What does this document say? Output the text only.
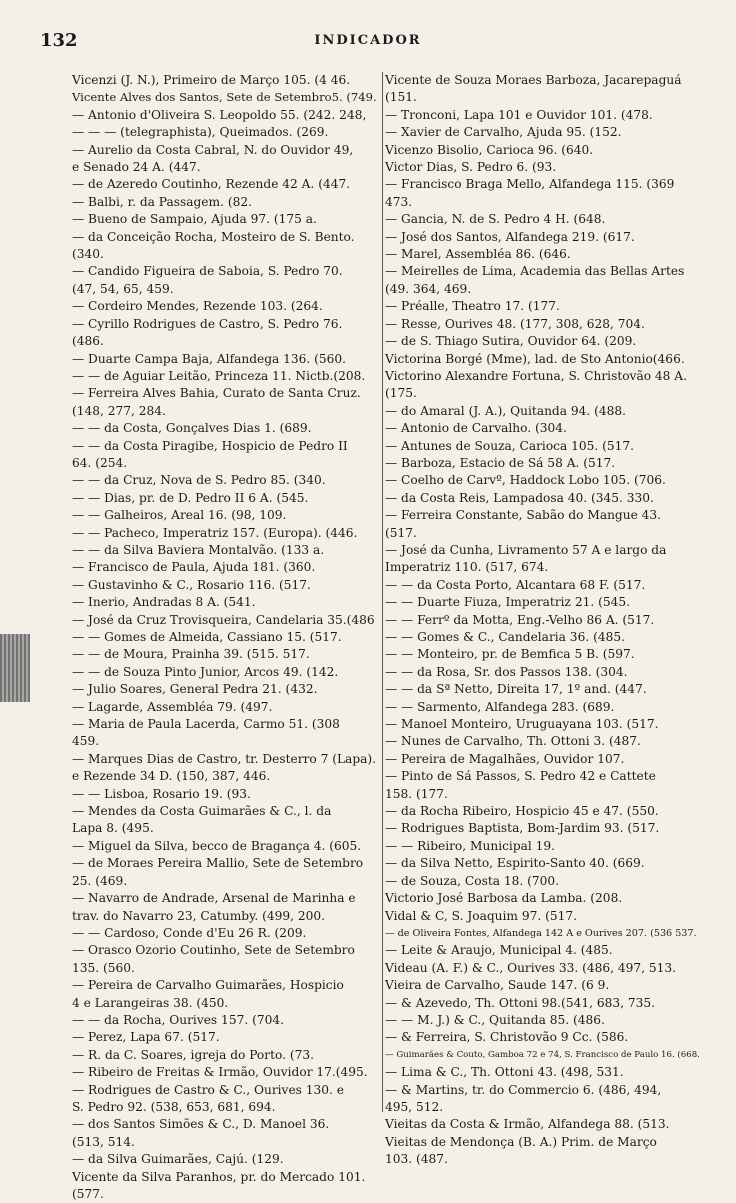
132	INDICADOR
Vicenzi (J. N.), Primeiro de Março 105. (4 46.
Vicente Alves dos Santos, Sete de Setembro5. (749.
— Antonio d'Oliveira S. Leopoldo 55. (242. 248,
— — — (telegraphista), Queimados. (269.
— Aurelio da Costa Cabral, N. do Ouvidor 49,
e Senado 24 A. (447.
— de Azeredo Coutinho, Rezende 42 A. (447.
— Balbi, r. da Passagem. (82.
— Bueno de Sampaio, Ajuda 97. (175 a.
— da Conceição Rocha, Mosteiro de S. Bento.
(340.
— Candido Figueira de Saboia, S. Pedro 70.
(47, 54, 65, 459.
— Cordeiro Mendes, Rezende 103. (264.
— Cyrillo Rodrigues de Castro, S. Pedro 76.
(486.
— Duarte Campa Baja, Alfandega 136. (560.
— — de Aguiar Leitão, Princeza 11. Nictb.(208.
— Ferreira Alves Bahia, Curato de Santa Cruz.
(148, 277, 284.
— — da Costa, Gonçalves Dias 1. (689.
— — da Costa Piragibe, Hospicio de Pedro II
64. (254.
— — da Cruz, Nova de S. Pedro 85. (340.
— — Dias, pr. de D. Pedro II 6 A. (545.
— — Galheiros, Areal 16. (98, 109.
— — Pacheco, Imperatriz 157. (Europa). (446.
— — da Silva Baviera Montalvão. (133 a.
— Francisco de Paula, Ajuda 181. (360.
— Gustavinho & C., Rosario 116. (517.
— Inerio, Andradas 8 A. (541.
— José da Cruz Trovisqueira, Candelaria 35.(486
— — Gomes de Almeida, Cassiano 15. (517.
— — de Moura, Prainha 39. (515. 517.
— — de Souza Pinto Junior, Arcos 49. (142.
— Julio Soares, General Pedra 21. (432.
— Lagarde, Assembléa 79. (497.
— Maria de Paula Lacerda, Carmo 51. (308
459.
— Marques Dias de Castro, tr. Desterro 7 (Lapa).
e Rezende 34 D. (150, 387, 446.
— — Lisboa, Rosario 19. (93.
— Mendes da Costa Guimarães & C., l. da
Lapa 8. (495.
— Miguel da Silva, becco de Bragança 4. (605.
— de Moraes Pereira Mallio, Sete de Setembro
25. (469.
— Navarro de Andrade, Arsenal de Marinha e
trav. do Navarro 23, Catumby. (499, 200.
— — Cardoso, Conde d'Eu 26 R. (209.
— Orasco Ozorio Coutinho, Sete de Setembro
135. (560.
— Pereira de Carvalho Guimarães, Hospicio
4 e Larangeiras 38. (450.
— — da Rocha, Ourives 157. (704.
— Perez, Lapa 67. (517.
— R. da C. Soares, igreja do Porto. (73.
— Ribeiro de Freitas & Irmão, Ouvidor 17.(495.
— Rodrigues de Castro & C., Ourives 130. e
S. Pedro 92. (538, 653, 681, 694.
— dos Santos Simões & C., D. Manoel 36.
(513, 514.
— da Silva Guimarães, Cajú. (129.
Vicente da Silva Paranhos, pr. do Mercado 101.
(577.
Vicente de Souza Moraes Barboza, Jacarepaguá
(151.
— Tronconi, Lapa 101 e Ouvidor 101. (478.
— Xavier de Carvalho, Ajuda 95. (152.
Vicenzo Bisolio, Carioca 96. (640.
Victor Dias, S. Pedro 6. (93.
— Francisco Braga Mello, Alfandega 115. (369
473.
— Gancia, N. de S. Pedro 4 H. (648.
— José dos Santos, Alfandega 219. (617.
— Marel, Assembléa 86. (646.
— Meirelles de Lima, Academia das Bellas Artes
(49. 364, 469.
— Préalle, Theatro 17. (177.
— Resse, Ourives 48. (177, 308, 628, 704.
— de S. Thiago Sutira, Ouvidor 64. (209.
Victorina Borgé (Mme), lad. de Sto Antonio(466.
Victorino Alexandre Fortuna, S. Christovão 48 A.
(175.
— do Amaral (J. A.), Quitanda 94. (488.
— Antonio de Carvalho. (304.
— Antunes de Souza, Carioca 105. (517.
— Barboza, Estacio de Sá 58 A. (517.
— Coelho de Carvº, Haddock Lobo 105. (706.
— da Costa Reis, Lampadosa 40. (345. 330.
— Ferreira Constante, Sabão do Mangue 43.
(517.
— José da Cunha, Livramento 57 A e largo da
Imperatriz 110. (517, 674.
— — da Costa Porto, Alcantara 68 F. (517.
— — Duarte Fiuza, Imperatriz 21. (545.
— — Ferrº da Motta, Eng.-Velho 86 A. (517.
— — Gomes & C., Candelaria 36. (485.
— — Monteiro, pr. de Bemfica 5 B. (597.
— — da Rosa, Sr. dos Passos 138. (304.
— — da Sª Netto, Direita 17, 1º and. (447.
— — Sarmento, Alfandega 283. (689.
— Manoel Monteiro, Uruguayana 103. (517.
— Nunes de Carvalho, Th. Ottoni 3. (487.
— Pereira de Magalhães, Ouvidor 107.
— Pinto de Sá Passos, S. Pedro 42 e Cattete
158. (177.
— da Rocha Ribeiro, Hospicio 45 e 47. (550.
— Rodrigues Baptista, Bom-Jardim 93. (517.
— — Ribeiro, Municipal 19.
— da Silva Netto, Espirito-Santo 40. (669.
— de Souza, Costa 18. (700.
Victorio José Barbosa da Lamba. (208.
Vidal & C, S. Joaquim 97. (517.
— de Oliveira Fontes, Alfandega 142 A e Ourives 207. (536 537.
— Leite & Araujo, Municipal 4. (485.
Videau (A. F.) & C., Ourives 33. (486, 497, 513.
Vieira de Carvalho, Saude 147. (6 9.
— & Azevedo, Th. Ottoni 98.(541, 683, 735.
— — M. J.) & C., Quitanda 85. (486.
— & Ferreira, S. Christovão 9 Cc. (586.
— Guimarães & Couto, Gamboa 72 e 74, S. Francisco de Paulo 16. (668.
— Lima & C., Th. Ottoni 43. (498, 531.
— & Martins, tr. do Commercio 6. (486, 494,
495, 512.
Vieitas da Costa & Irmão, Alfandega 88. (513.
Vieitas de Mendonça (B. A.) Prim. de Março
103. (487.
